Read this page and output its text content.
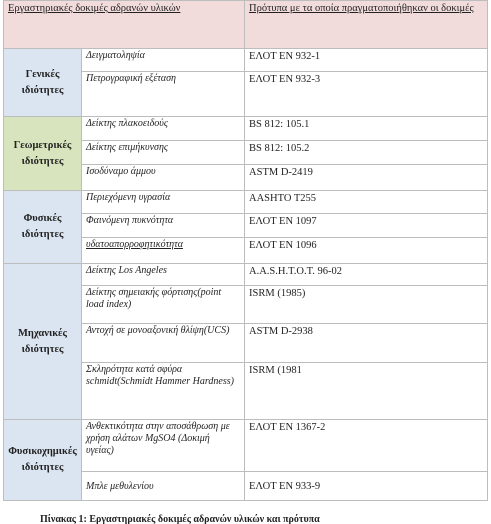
Εργαστηριακές δοκιμές αδρανών υλικών		Πρότυπα με τα οποία πραγματοποιήθηκαν οι δοκιμές
Γενικές ιδιότητες	Δειγματοληψία	ΕΛΟΤ ΕΝ 932-1
	Πετρογραφική εξέταση	ΕΛΟΤ ΕΝ 932-3
Γεωμετρικές ιδιότητες	Δείκτης πλακοειδούς	BS 812: 105.1
	Δείκτης επιμήκυνσης	BS 812: 105.2
	Ισοδύναμο άμμου	ASTM D-2419
Φυσικές ιδιότητες	Περιεχόμενη υγρασία	AASHTO T255
	Φαινόμενη πυκνότητα	ΕΛΟΤ ΕΝ 1097
	υδατοαπορροφητικότητα	ΕΛΟΤ ΕΝ 1096
Μηχανικές ιδιότητες	Δείκτης Los Angeles	A.A.S.H.T.O.T. 96-02
	Δείκτης σημειακής φόρτισης(point load index)	ISRM (1985)
	Αντοχή σε μονοαξονική θλίψη(UCS)	ASTM D-2938
	Σκληρότητα κατά σφύρα schmidt(Schmidt Hammer Hardness)	ISRM (1981
Φυσικοχημικές ιδιότητες	Ανθεκτικότητα στην αποσάθρωση με χρήση αλάτων MgSO4 (Δοκιμή υγείας)	ΕΛΟΤ ΕΝ 1367-2
	Μπλε μεθυλενίου	ΕΛΟΤ ΕΝ 933-9
Πίνακας 1: Εργαστηριακές δοκιμές αδρανών υλικών και πρότυπα
